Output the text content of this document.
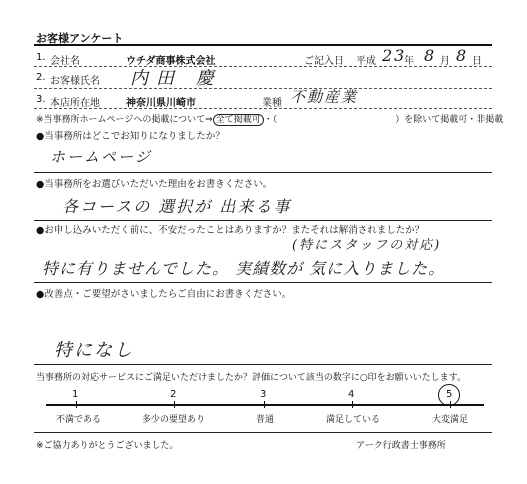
お客様アンケート
1. 会社名	ウチダ商事株式会社	ご記入日 平成 23
年 8 月 8 日
2. お客様氏名 内田 慶
3. 本店所在地	神奈川県川崎市	業種 不動産業
※当事務所ホームページへの掲載について⇒ 全て掲載可 ・（	）を除いて掲載可・非掲載
●当事務所はどこでお知りになりましたか？
ホームページ
●当事務所をお選びいただいた理由をお書きください。
各コースの 選択が 出来る事
●お申し込みいただく前に、不安だったことはありますか？またそれは解消されましたか？
(特にスタッフの対応)
特に有りませんでした。 実績数が 気に入りました。
●改善点・ご要望がさいましたらご自由にお書きください。
特になし
当事務所の対応サービスにご満足いただけましたか？評価について該当の数字に○印をお願いいたします。
1	2	3	4	5
不満である	多少の要望あり	普通	満足している	大変満足
※ご協力ありがとうございました。	アーク行政書士事務所
